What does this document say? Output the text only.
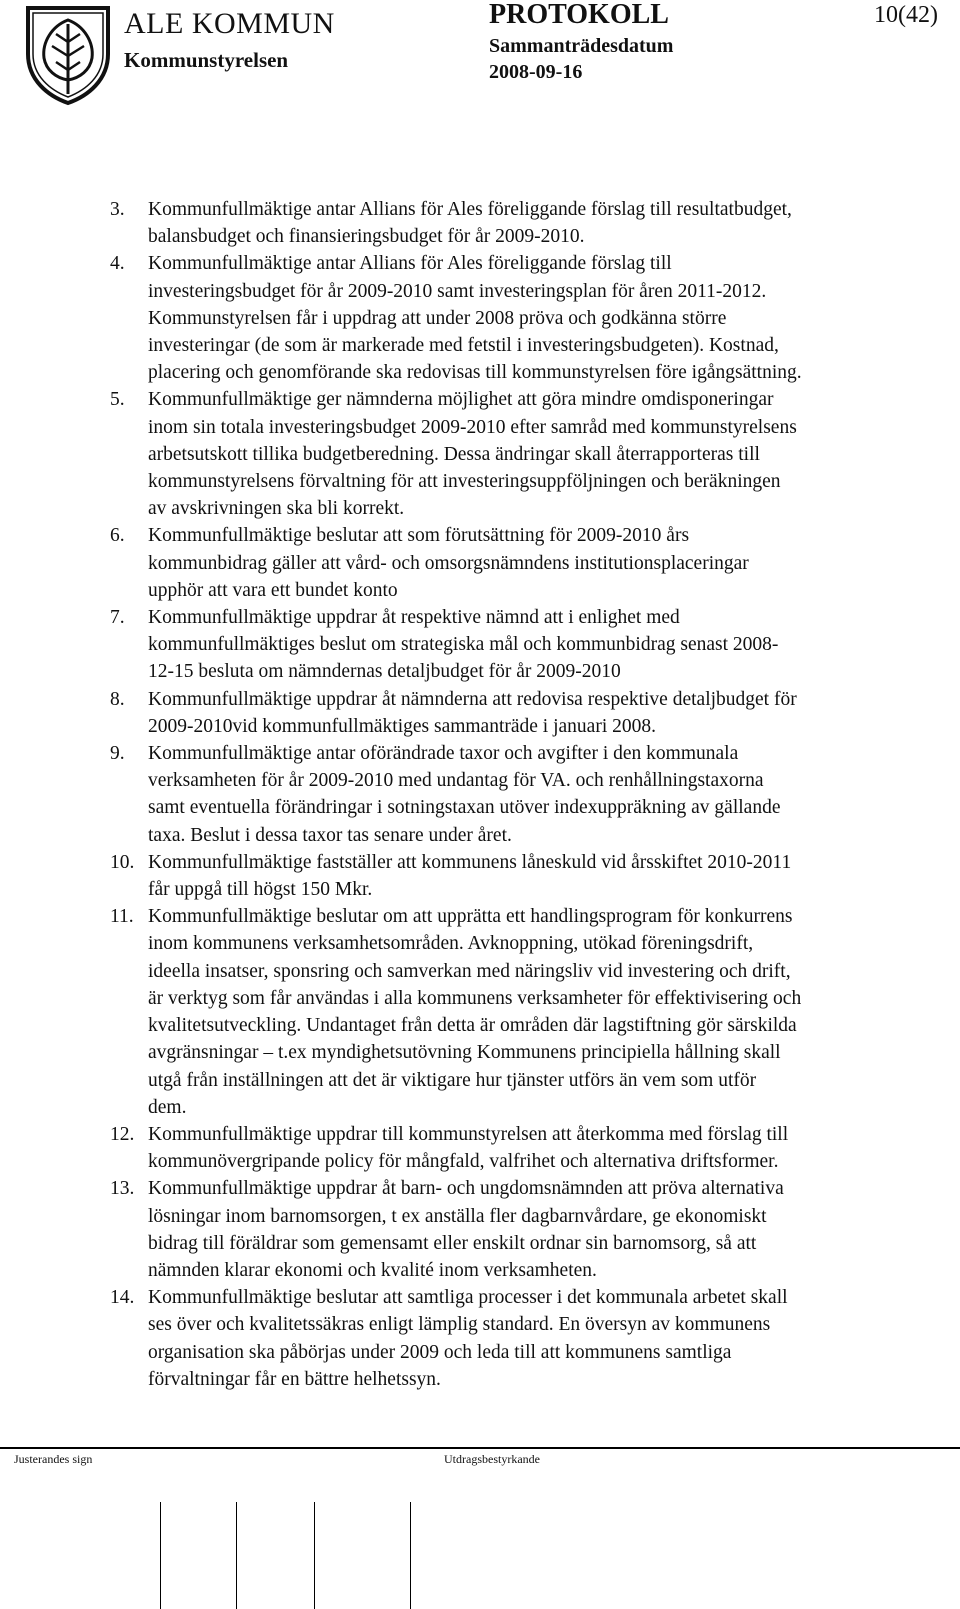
ALE KOMMUN
Kommunstyrelsen
PROTOKOLL	10(42)
Sammanträdesdatum
2008-09-16
3.	Kommunfullmäktige antar Allians för Ales föreliggande förslag till resultatbudget,
balansbudget och finansieringsbudget för år 2009-2010.
4.	Kommunfullmäktige antar Allians för Ales föreliggande förslag till
investeringsbudget för år 2009-2010 samt investeringsplan för åren 2011-2012.
Kommunstyrelsen får i uppdrag att under 2008 pröva och godkänna större
investeringar (de som är markerade med fetstil i investeringsbudgeten). Kostnad,
placering och genomförande ska redovisas till kommunstyrelsen före igångsättning.
5.	Kommunfullmäktige ger nämnderna möjlighet att göra mindre omdisponeringar
inom sin totala investeringsbudget 2009-2010 efter samråd med kommunstyrelsens
arbetsutskott tillika budgetberedning. Dessa ändringar skall återrapporteras till
kommunstyrelsens förvaltning för att investeringsuppföljningen och beräkningen
av avskrivningen ska bli korrekt.
6.	Kommunfullmäktige beslutar att som förutsättning för 2009-2010 års
kommunbidrag gäller att vård- och omsorgsnämndens institutionsplaceringar
upphör att vara ett bundet konto
7.	Kommunfullmäktige uppdrar åt respektive nämnd att i enlighet med
kommunfullmäktiges beslut om strategiska mål och kommunbidrag senast 2008-
12-15 besluta om nämndernas detaljbudget för år 2009-2010
8.	Kommunfullmäktige uppdrar åt nämnderna att redovisa respektive detaljbudget för
2009-2010vid kommunfullmäktiges sammanträde i januari 2008.
9.	Kommunfullmäktige antar oförändrade taxor och avgifter i den kommunala
verksamheten för år 2009-2010 med undantag för VA. och renhållningstaxorna
samt eventuella förändringar i sotningstaxan utöver indexuppräkning av gällande
taxa. Beslut i dessa taxor tas senare under året.
10. Kommunfullmäktige fastställer att kommunens låneskuld vid årsskiftet 2010-2011
får uppgå till högst 150 Mkr.
11. Kommunfullmäktige beslutar om att upprätta ett handlingsprogram för konkurrens
inom kommunens verksamhetsområden. Avknoppning, utökad föreningsdrift,
ideella insatser, sponsring och samverkan med näringsliv vid investering och drift,
är verktyg som får användas i alla kommunens verksamheter för effektivisering och
kvalitetsutveckling. Undantaget från detta är områden där lagstiftning gör särskilda
avgränsningar – t.ex myndighetsutövning Kommunens principiella hållning skall
utgå från inställningen att det är viktigare hur tjänster utförs än vem som utför
dem.
12. Kommunfullmäktige uppdrar till kommunstyrelsen att återkomma med förslag till
kommunövergripande policy för mångfald, valfrihet och alternativa driftsformer.
13. Kommunfullmäktige uppdrar åt barn- och ungdomsnämnden att pröva alternativa
lösningar inom barnomsorgen, t ex anställa fler dagbarnvårdare, ge ekonomiskt
bidrag till föräldrar som gemensamt eller enskilt ordnar sin barnomsorg, så att
nämnden klarar ekonomi och kvalité inom verksamheten.
14. Kommunfullmäktige beslutar att samtliga processer i det kommunala arbetet skall
ses över och kvalitetssäkras enligt lämplig standard. En översyn av kommunens
organisation ska påbörjas under 2009 och leda till att kommunens samtliga
förvaltningar får en bättre helhetssyn.
Justerandes sign	Utdragsbestyrkande
